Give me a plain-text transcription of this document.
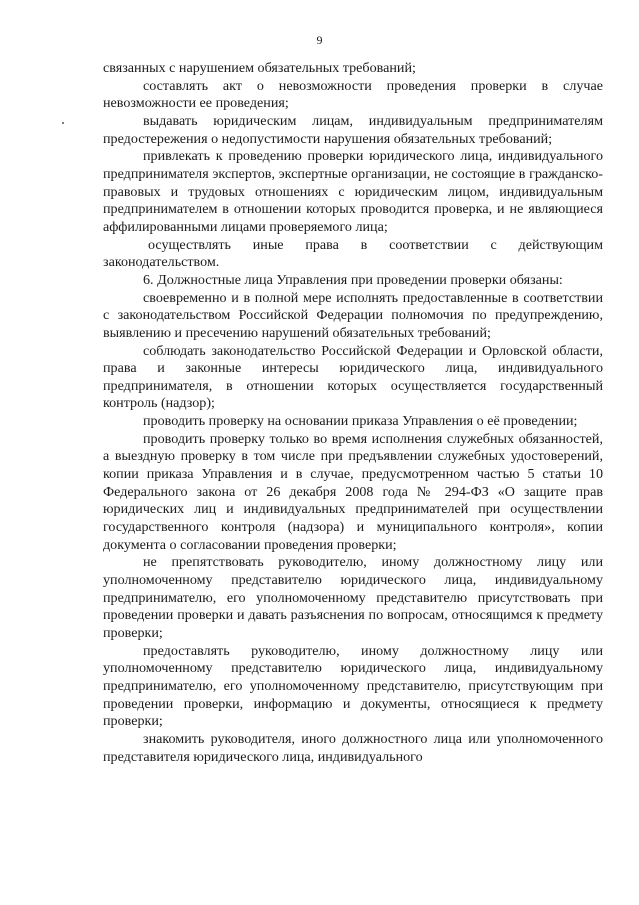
9

связанных с нарушением обязательных требований;

составлять акт о невозможности проведения проверки в случае невозможности ее проведения;

выдавать юридическим лицам, индивидуальным предпринимателям предостережения о недопустимости нарушения обязательных требований;

привлекать к проведению проверки юридического лица, индивидуального предпринимателя экспертов, экспертные организации, не состоящие в гражданско-правовых и трудовых отношениях с юридическим лицом, индивидуальным предпринимателем в отношении которых проводится проверка, и не являющиеся аффилированными лицами проверяемого лица;

осуществлять иные права в соответствии с действующим законодательством.

6. Должностные лица Управления при проведении проверки обязаны:

своевременно и в полной мере исполнять предоставленные в соответствии с законодательством Российской Федерации полномочия по предупреждению, выявлению и пресечению нарушений обязательных требований;

соблюдать законодательство Российской Федерации и Орловской области, права и законные интересы юридического лица, индивидуального предпринимателя, в отношении которых осуществляется государственный контроль (надзор);

проводить проверку на основании приказа Управления о её проведении;

проводить проверку только во время исполнения служебных обязанностей, а выездную проверку в том числе при предъявлении служебных удостоверений, копии приказа Управления и в случае, предусмотренном частью 5 статьи 10 Федерального закона от 26 декабря 2008 года № 294-ФЗ «О защите прав юридических лиц и индивидуальных предпринимателей при осуществлении государственного контроля (надзора) и муниципального контроля», копии документа о согласовании проведения проверки;

не препятствовать руководителю, иному должностному лицу или уполномоченному представителю юридического лица, индивидуальному предпринимателю, его уполномоченному представителю присутствовать при проведении проверки и давать разъяснения по вопросам, относящимся к предмету проверки;

предоставлять руководителю, иному должностному лицу или уполномоченному представителю юридического лица, индивидуальному предпринимателю, его уполномоченному представителю, присутствующим при проведении проверки, информацию и документы, относящиеся к предмету проверки;

знакомить руководителя, иного должностного лица или уполномоченного представителя юридического лица, индивидуального
